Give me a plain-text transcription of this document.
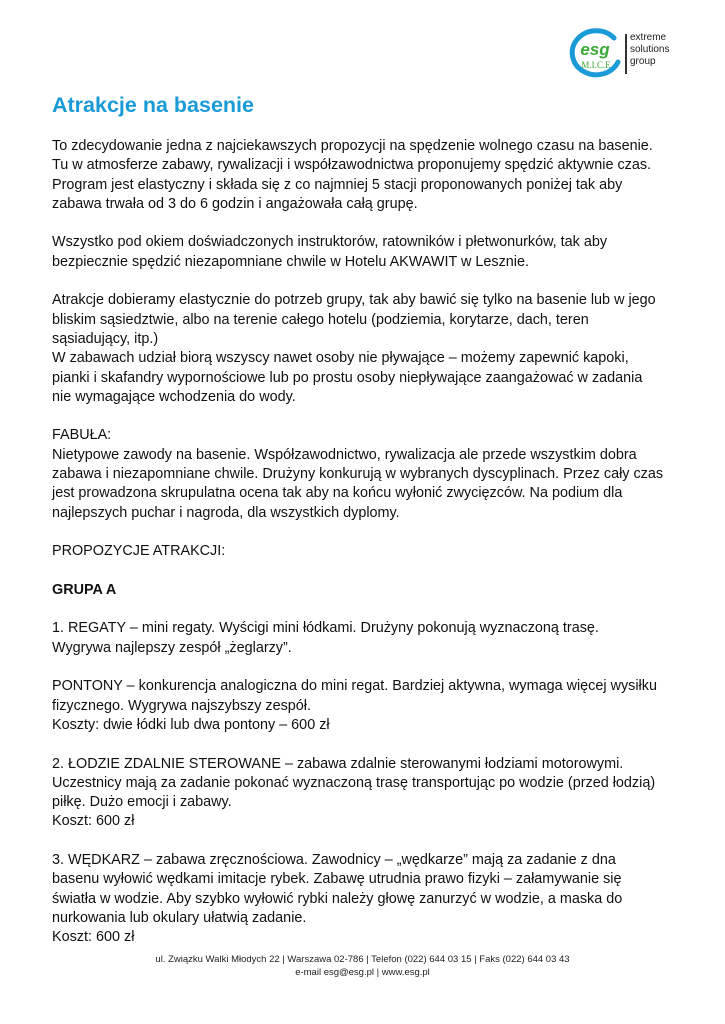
esg
M.I.C.E
extreme
solutions
group
Atrakcje na basenie

To zdecydowanie jedna z najciekawszych propozycji na spędzenie wolnego czasu na basenie.

Tu w atmosferze zabawy, rywalizacji i współzawodnictwa proponujemy spędzić aktywnie czas.

Program jest elastyczny i składa się z co najmniej 5 stacji proponowanych poniżej tak aby

zabawa trwała od 3 do 6 godzin i angażowała całą grupę.

Wszystko pod okiem doświadczonych instruktorów, ratowników i płetwonurków, tak aby

bezpiecznie spędzić niezapomniane chwile w Hotelu AKWAWIT w Lesznie.

Atrakcje dobieramy elastycznie do potrzeb grupy, tak aby bawić się tylko na basenie lub w jego

bliskim sąsiedztwie, albo na terenie całego hotelu (podziemia, korytarze, dach, teren

sąsiadujący, itp.)

W zabawach udział biorą wszyscy nawet osoby nie pływające – możemy zapewnić kapoki,

pianki i skafandry wypornościowe lub po prostu osoby niepływające zaangażować w zadania

nie wymagające wchodzenia do wody.

FABUŁA:

Nietypowe zawody na basenie. Współzawodnictwo, rywalizacja ale przede wszystkim dobra

zabawa i niezapomniane chwile. Drużyny konkurują w wybranych dyscyplinach. Przez cały czas

jest prowadzona skrupulatna ocena tak aby na końcu wyłonić zwycięzców. Na podium dla

najlepszych puchar i nagroda, dla wszystkich dyplomy.

PROPOZYCJE ATRAKCJI:

GRUPA A

1. REGATY – mini regaty. Wyścigi mini łódkami. Drużyny pokonują wyznaczoną trasę.

Wygrywa najlepszy zespół „żeglarzy”.

PONTONY – konkurencja analogiczna do mini regat. Bardziej aktywna, wymaga więcej wysiłku

fizycznego. Wygrywa najszybszy zespół.

Koszty: dwie łódki lub dwa pontony – 600 zł

2. ŁODZIE ZDALNIE STEROWANE – zabawa zdalnie sterowanymi łodziami motorowymi.

Uczestnicy mają za zadanie pokonać wyznaczoną trasę transportując po wodzie (przed łodzią)

piłkę. Dużo emocji i zabawy.

Koszt: 600 zł

3. WĘDKARZ – zabawa zręcznościowa. Zawodnicy – „wędkarze” mają za zadanie z dna

basenu wyłowić wędkami imitacje rybek. Zabawę utrudnia prawo fizyki – załamywanie się

światła w wodzie. Aby szybko wyłowić rybki należy głowę zanurzyć w wodzie, a maska do

nurkowania lub okulary ułatwią zadanie.

Koszt: 600 zł

ul. Związku Walki Młodych 22 | Warszawa 02-786 | Telefon (022) 644 03 15 | Faks (022) 644 03 43
e-mail esg@esg.pl | www.esg.pl
